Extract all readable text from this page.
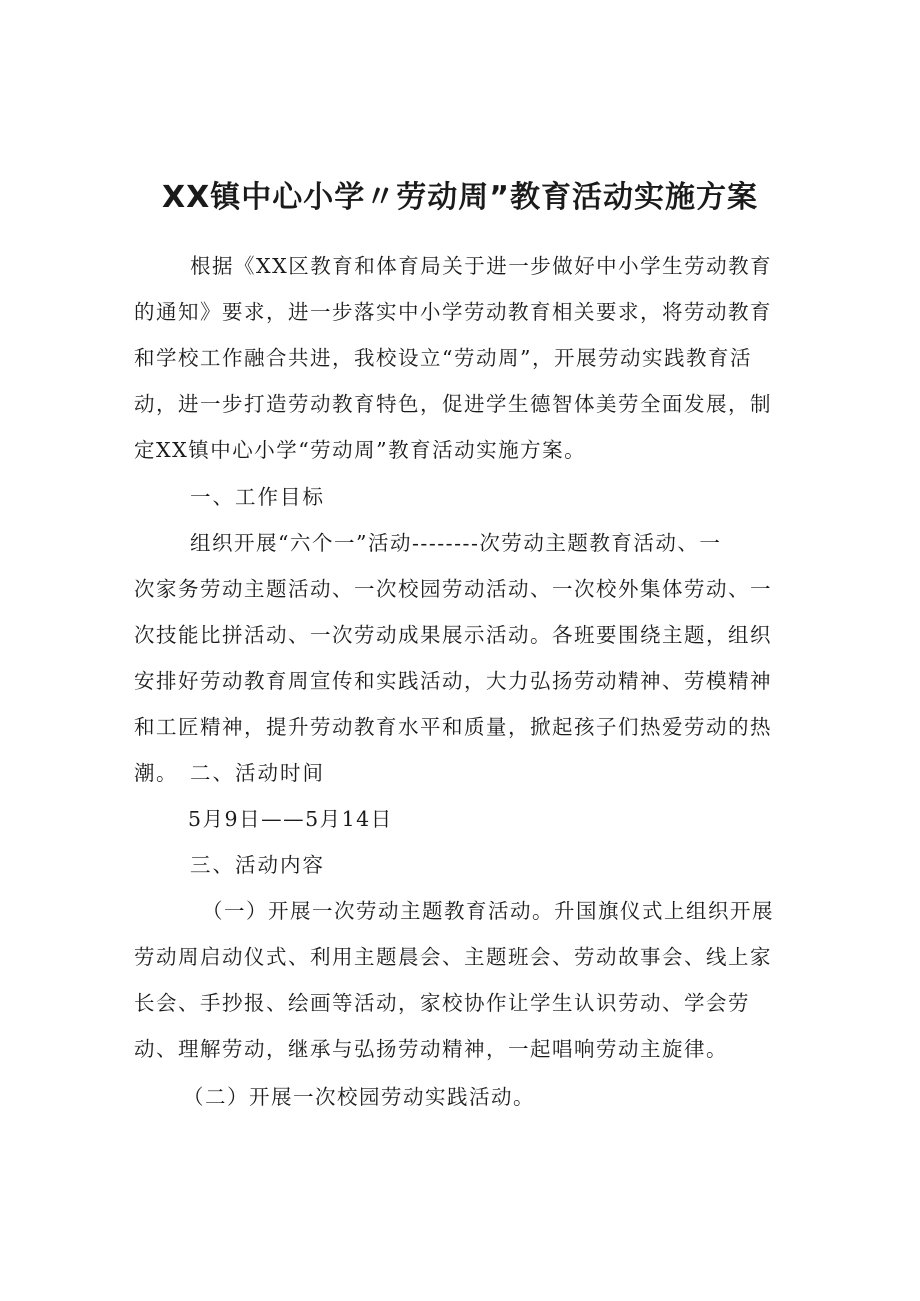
XX镇中心小学〃劳动周”教育活动实施方案

根据《XX区教育和体育局关于进一步做好中小学生劳动教育的通知》要求，进一步落实中小学劳动教育相关要求，将劳动教育和学校工作融合共进，我校设立“劳动周”，开展劳动实践教育活动，进一步打造劳动教育特色，促进学生德智体美劳全面发展，制定XX镇中心小学“劳动周”教育活动实施方案。

一、工作目标
组织开展“六个一”活动--------次劳动主题教育活动、一

次家务劳动主题活动、一次校园劳动活动、一次校外集体劳动、一次技能比拼活动、一次劳动成果展示活动。各班要围绕主题，组织安排好劳动教育周宣传和实践活动，大力弘扬劳动精神、劳模精神和工匠精神，提升劳动教育水平和质量，掀起孩子们热爱劳动的热潮。 二、活动时间
5月9日——5月14日
三、活动内容

（一）开展一次劳动主题教育活动。升国旗仪式上组织开展劳动周启动仪式、利用主题晨会、主题班会、劳动故事会、线上家长会、手抄报、绘画等活动，家校协作让学生认识劳动、学会劳动、理解劳动，继承与弘扬劳动精神，一起唱响劳动主旋律。

（二）开展一次校园劳动实践活动。
